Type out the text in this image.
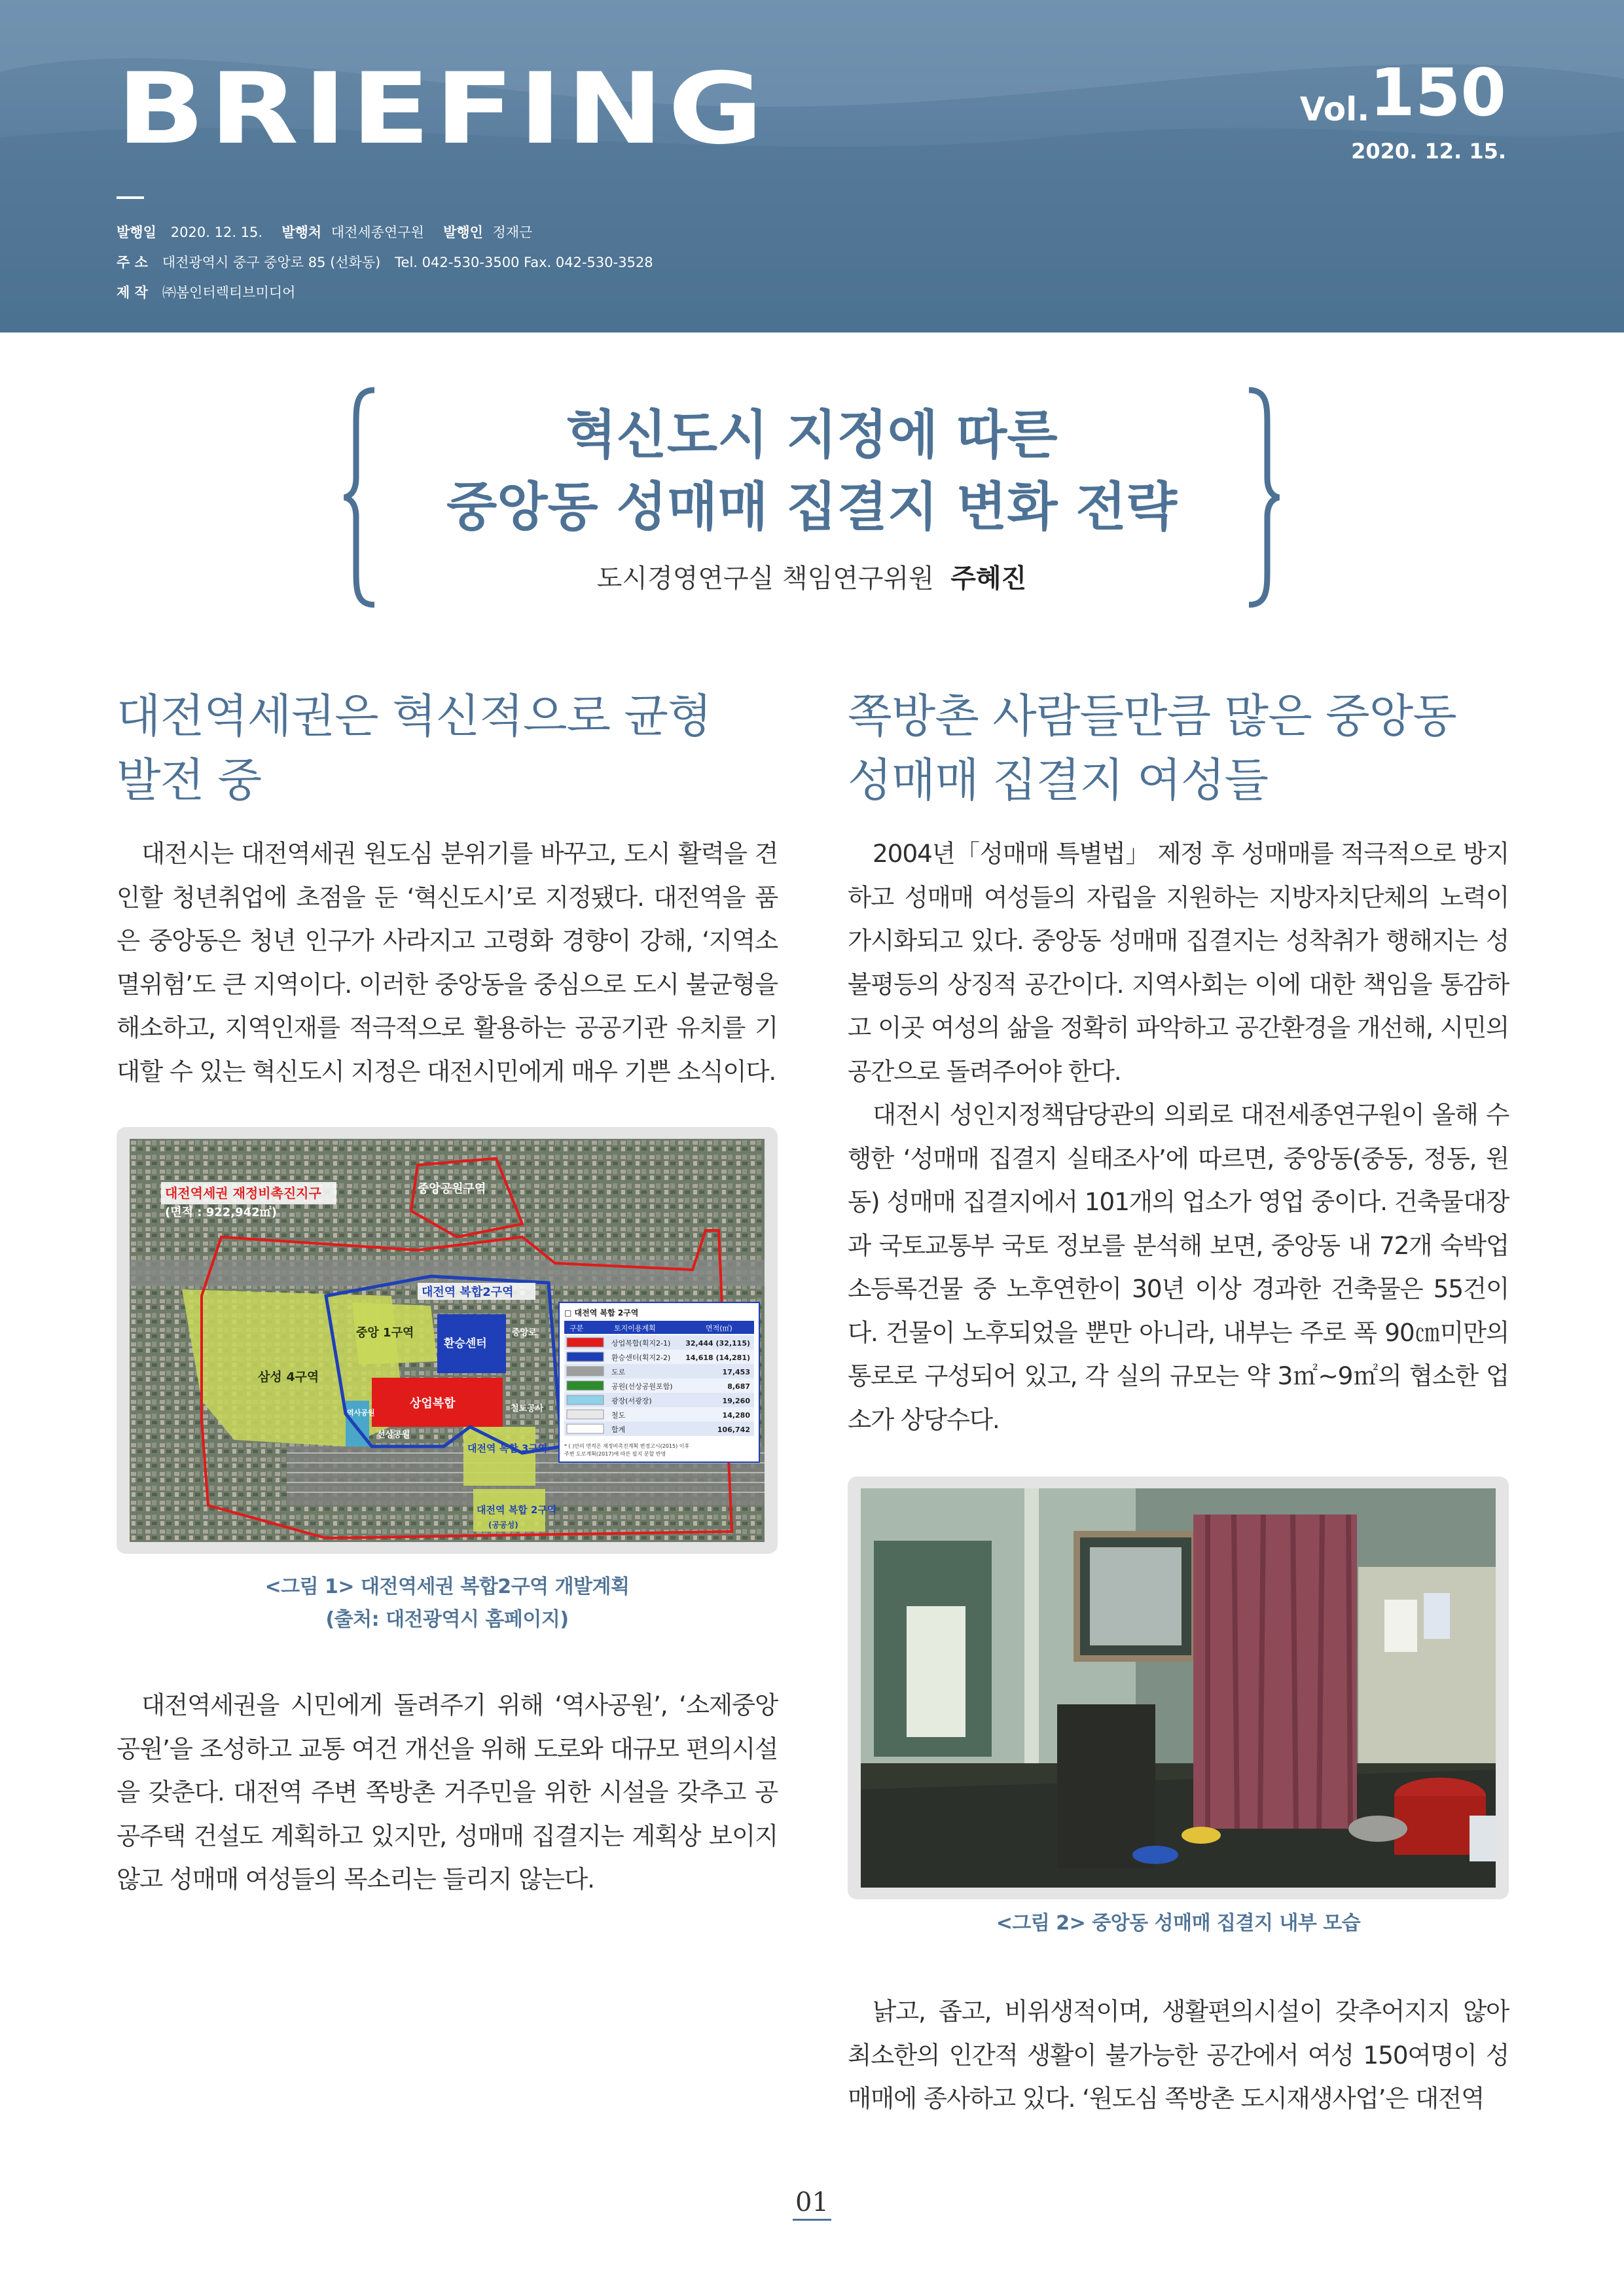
BRIEFING	Vol.150
2020. 12. 15.
발행일 2020. 12. 15. 발행처 대전세종연구원 발행인 정재근
주 소 대전광역시 중구 중앙로 85 (선화동) Tel. 042-530-3500 Fax. 042-530-3528
제 작 ㈜봄인터렉티브미디어
혁신도시 지정에 따른
중앙동 성매매 집결지 변화 전략
도시경영연구실 책임연구위원 주혜진
대전역세권은 혁신적으로 균형
발전 중

대전시는 대전역세권 원도심 분위기를 바꾸고, 도시 활력을 견인할 청년취업에 초점을 둔 ‘혁신도시’로 지정됐다. 대전역을 품은 중앙동은 청년 인구가 사라지고 고령화 경향이 강해, ‘지역소멸위험’도 큰 지역이다. 이러한 중앙동을 중심으로 도시 불균형을 해소하고, 지역인재를 적극적으로 활용하는 공공기관 유치를 기대할 수 있는 혁신도시 지정은 대전시민에게 매우 기쁜 소식이다.

대전역세권 재정비촉진지구
(면적 : 922,942㎡)
중앙공원구역
대전역 복합2구역
중앙 1구역
삼성 4구역
환승센터
상업복합
역사공원
선상공원
대전역 복합 3구역
대전역 복합 2구역
(공공성)
철도공사
중앙로
□ 대전역 복합 2구역
구분	토지이용계획	면적(㎡)
상업복합(획지2-1) 32,444 (32,115)
환승센터(획지2-2) 14,618 (14,281)
도로	17,453
공원(선상공원포함)	8,687
광장(서광장)	19,260
철도	14,280
합계	106,742
* ( )안의 면적은 재정비촉진계획 변경고시(2015) 이후 주변 도로계획(2017)에 따른 필지 분할 반영
<그림 1> 대전역세권 복합2구역 개발계획
(출처: 대전광역시 홈페이지)

대전역세권을 시민에게 돌려주기 위해 ‘역사공원’, ‘소제중앙공원’을 조성하고 교통 여건 개선을 위해 도로와 대규모 편의시설을 갖춘다. 대전역 주변 쪽방촌 거주민을 위한 시설을 갖추고 공공주택 건설도 계획하고 있지만, 성매매 집결지는 계획상 보이지 않고 성매매 여성들의 목소리는 들리지 않는다.

쪽방촌 사람들만큼 많은 중앙동
성매매 집결지 여성들

2004년「성매매 특별법」 제정 후 성매매를 적극적으로 방지하고 성매매 여성들의 자립을 지원하는 지방자치단체의 노력이 가시화되고 있다. 중앙동 성매매 집결지는 성착취가 행해지는 성불평등의 상징적 공간이다. 지역사회는 이에 대한 책임을 통감하고 이곳 여성의 삶을 정확히 파악하고 공간환경을 개선해, 시민의 공간으로 돌려주어야 한다.

대전시 성인지정책담당관의 의뢰로 대전세종연구원이 올해 수행한 ‘성매매 집결지 실태조사’에 따르면, 중앙동(중동, 정동, 원동) 성매매 집결지에서 101개의 업소가 영업 중이다. 건축물대장과 국토교통부 국토 정보를 분석해 보면, 중앙동 내 72개 숙박업소등록건물 중 노후연한이 30년 이상 경과한 건축물은 55건이다. 건물이 노후되었을 뿐만 아니라, 내부는 주로 폭 90㎝미만의 통로로 구성되어 있고, 각 실의 규모는 약 3㎡~9㎡의 협소한 업소가 상당수다.

<그림 2> 중앙동 성매매 집결지 내부 모습

낡고, 좁고, 비위생적이며, 생활편의시설이 갖추어지지 않아 최소한의 인간적 생활이 불가능한 공간에서 여성 150여명이 성매매에 종사하고 있다. ‘원도심 쪽방촌 도시재생사업’은 대전역

01
